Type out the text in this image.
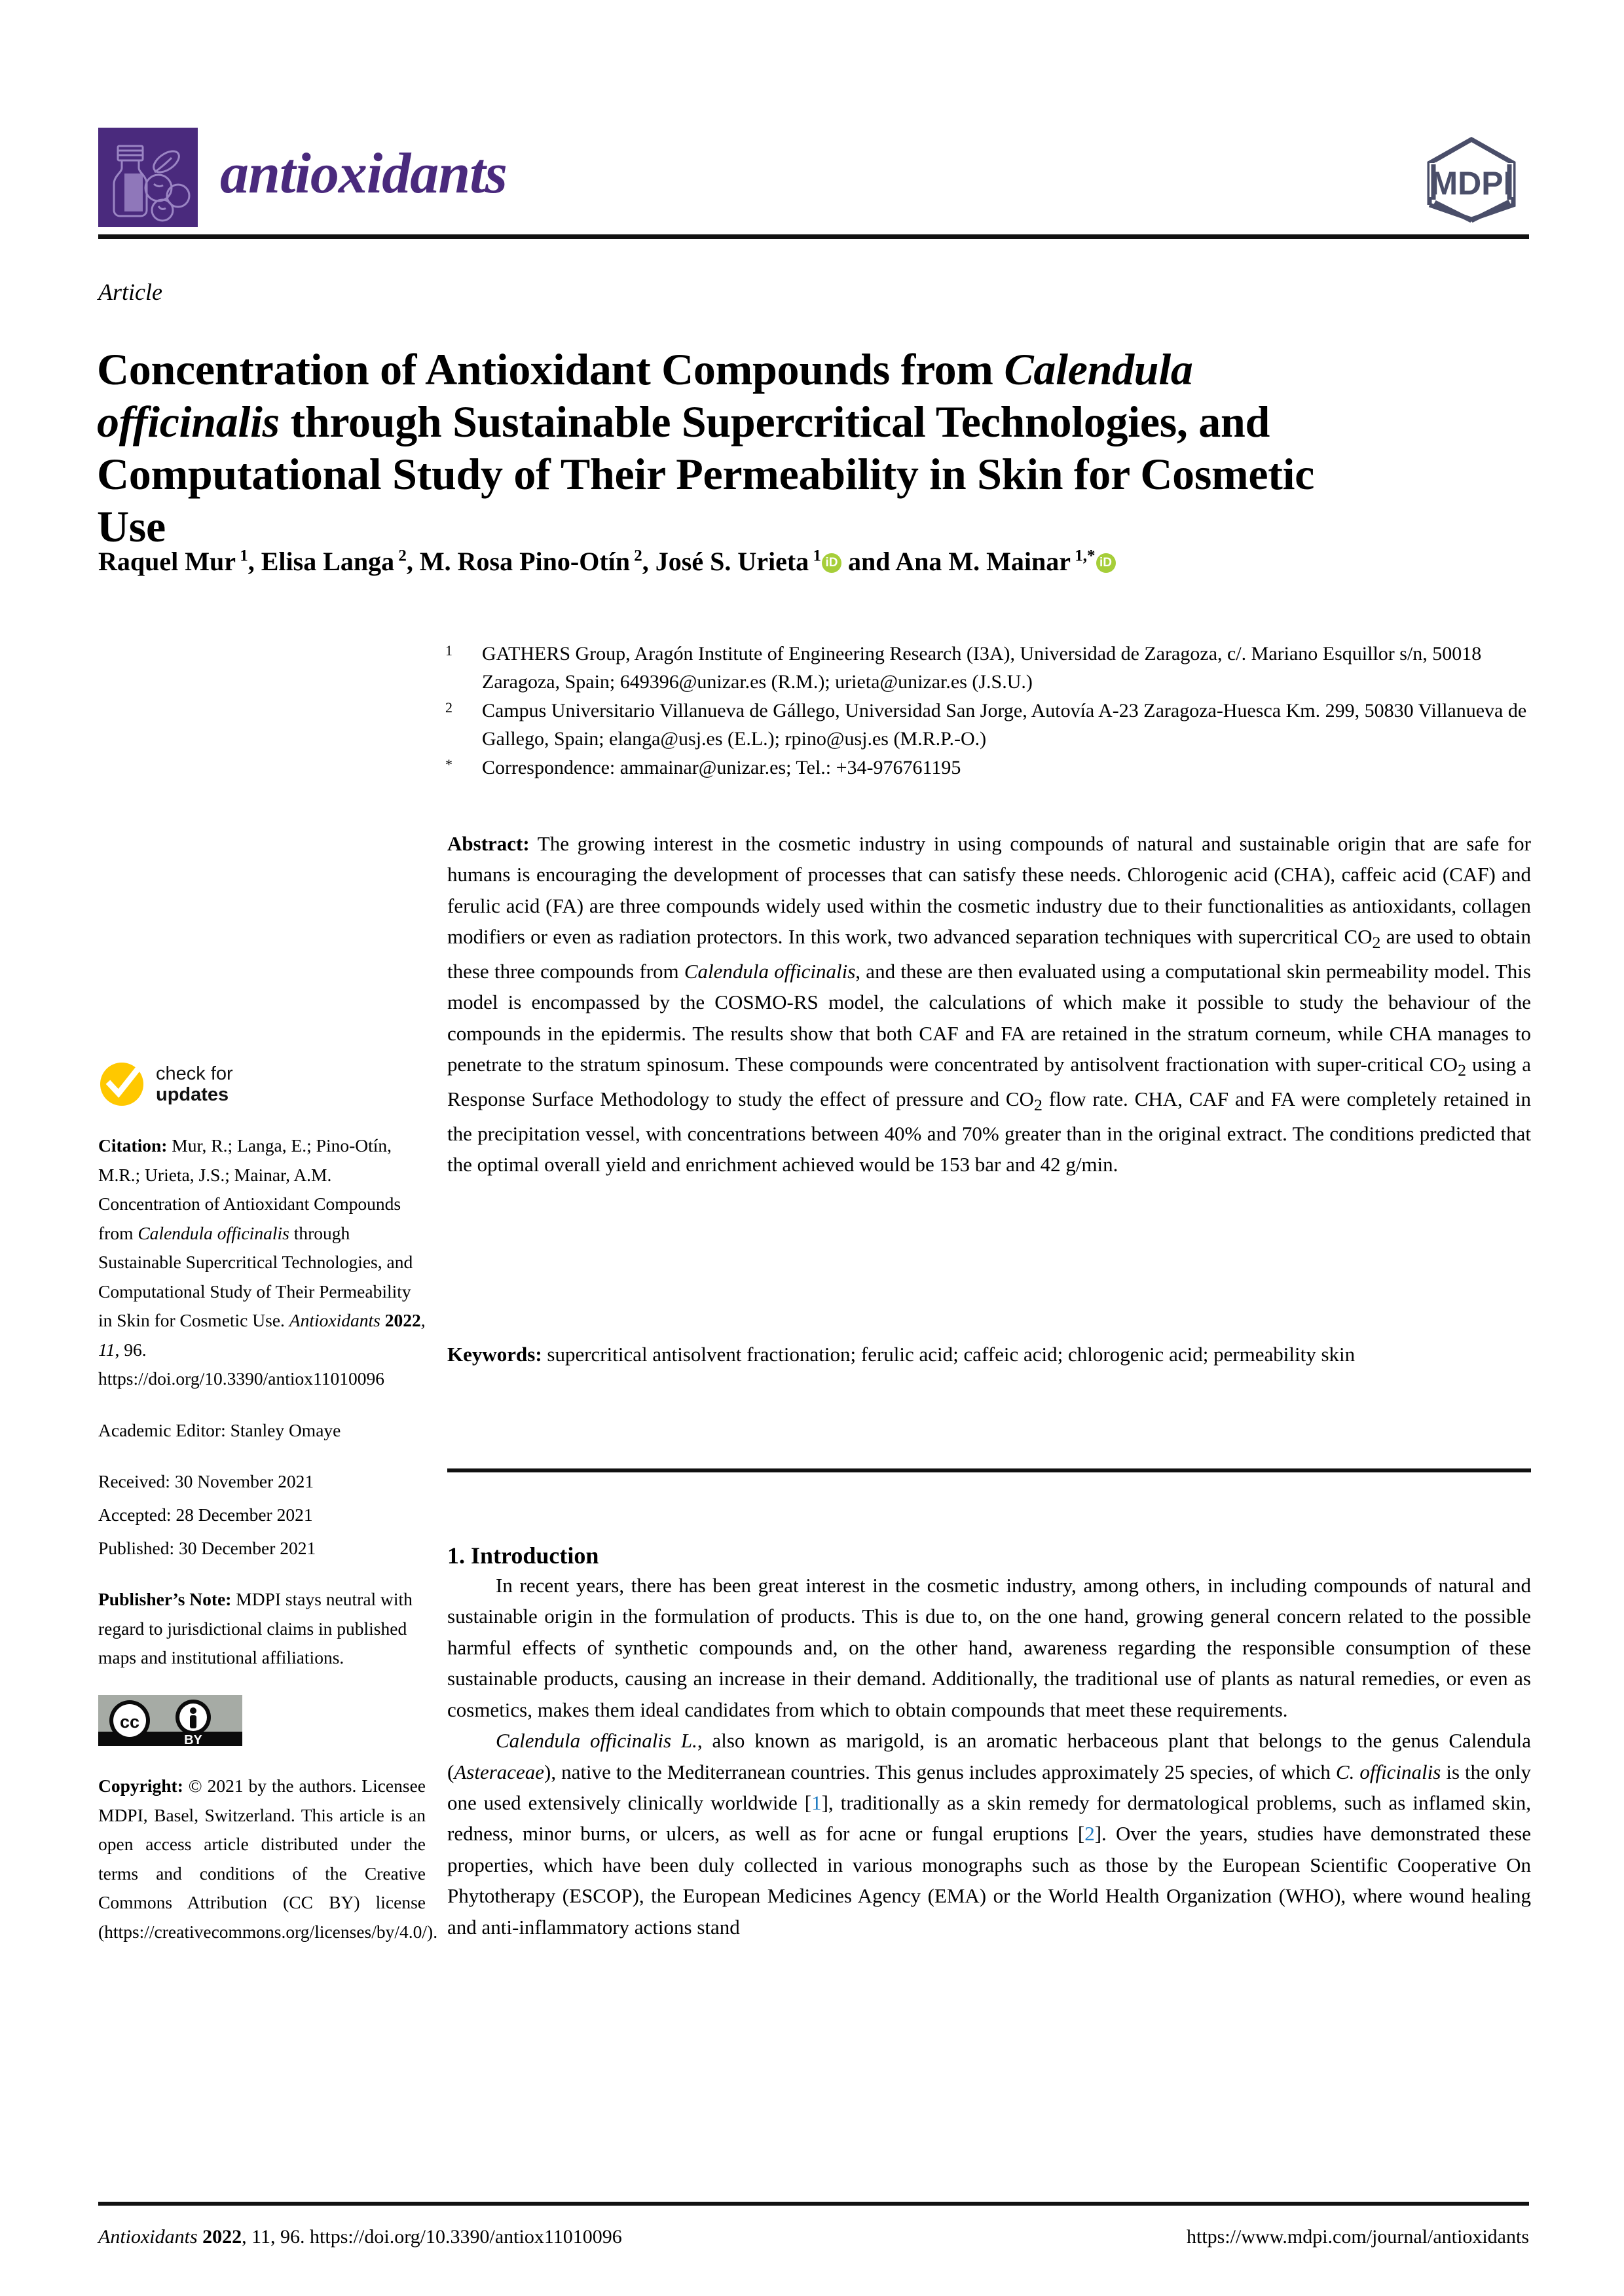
antioxidants	MDPI
Article
Concentration of Antioxidant Compounds from Calendula officinalis through Sustainable Supercritical Technologies, and Computational Study of Their Permeability in Skin for Cosmetic Use
Raquel Mur $^1$, Elisa Langa $^2$, M. Rosa Pino-Otín $^2$, José S. Urieta $^1$ iD and Ana M. Mainar $^{1,*}$ iD
$^1$	GATHERS Group, Aragón Institute of Engineering Research (I3A), Universidad de Zaragoza, c/. Mariano Esquillor s/n, 50018 Zaragoza, Spain; 649396@unizar.es (R.M.); urieta@unizar.es (J.S.U.)
$^2$	Campus Universitario Villanueva de Gállego, Universidad San Jorge, Autovía A-23 Zaragoza-Huesca Km. 299, 50830 Villanueva de Gallego, Spain; elanga@usj.es (E.L.); rpino@usj.es (M.R.P.-O.)
*	Correspondence: ammainar@unizar.es; Tel.: +34-976761195
check for
updates
Citation: Mur, R.; Langa, E.; Pino-Otín, M.R.; Urieta, J.S.; Mainar, A.M. Concentration of Antioxidant Compounds from Calendula officinalis through Sustainable Supercritical Technologies, and Computational Study of Their Permeability in Skin for Cosmetic Use. Antioxidants 2022, 11, 96. https://doi.org/10.3390/antiox11010096
Academic Editor: Stanley Omaye
Received: 30 November 2021
Accepted: 28 December 2021
Published: 30 December 2021
Publisher’s Note: MDPI stays neutral with regard to jurisdictional claims in published maps and institutional affiliations.
cc
BY
Copyright: © 2021 by the authors. Licensee MDPI, Basel, Switzerland. This article is an open access article distributed under the terms and conditions of the Creative Commons Attribution (CC BY) license (https://creativecommons.org/licenses/by/4.0/).
Abstract: The growing interest in the cosmetic industry in using compounds of natural and sustainable origin that are safe for humans is encouraging the development of processes that can satisfy these needs. Chlorogenic acid (CHA), caffeic acid (CAF) and ferulic acid (FA) are three compounds widely used within the cosmetic industry due to their functionalities as antioxidants, collagen modifiers or even as radiation protectors. In this work, two advanced separation techniques with supercritical $CO_2$ are used to obtain these three compounds from Calendula officinalis, and these are then evaluated using a computational skin permeability model. This model is encompassed by the COSMO-RS model, the calculations of which make it possible to study the behaviour of the compounds in the epidermis. The results show that both CAF and FA are retained in the stratum corneum, while CHA manages to penetrate to the stratum spinosum. These compounds were concentrated by antisolvent fractionation with super-critical $CO_2$ using a Response Surface Methodology to study the effect of pressure and $CO_2$ flow rate. CHA, CAF and FA were completely retained in the precipitation vessel, with concentrations between 40% and 70% greater than in the original extract. The conditions predicted that the optimal overall yield and enrichment achieved would be 153 bar and 42 g/min.
Keywords: supercritical antisolvent fractionation; ferulic acid; caffeic acid; chlorogenic acid; permeability skin
1. Introduction

In recent years, there has been great interest in the cosmetic industry, among others, in including compounds of natural and sustainable origin in the formulation of products. This is due to, on the one hand, growing general concern related to the possible harmful effects of synthetic compounds and, on the other hand, awareness regarding the responsible consumption of these sustainable products, causing an increase in their demand. Additionally, the traditional use of plants as natural remedies, or even as cosmetics, makes them ideal candidates from which to obtain compounds that meet these requirements.

Calendula officinalis L., also known as marigold, is an aromatic herbaceous plant that belongs to the genus Calendula (Asteraceae), native to the Mediterranean countries. This genus includes approximately 25 species, of which C. officinalis is the only one used extensively clinically worldwide [1], traditionally as a skin remedy for dermatological problems, such as inflamed skin, redness, minor burns, or ulcers, as well as for acne or fungal eruptions [2]. Over the years, studies have demonstrated these properties, which have been duly collected in various monographs such as those by the European Scientific Cooperative On Phytotherapy (ESCOP), the European Medicines Agency (EMA) or the World Health Organization (WHO), where wound healing and anti-inflammatory actions stand

Antioxidants 2022, 11, 96. https://doi.org/10.3390/antiox11010096	https://www.mdpi.com/journal/antioxidants
